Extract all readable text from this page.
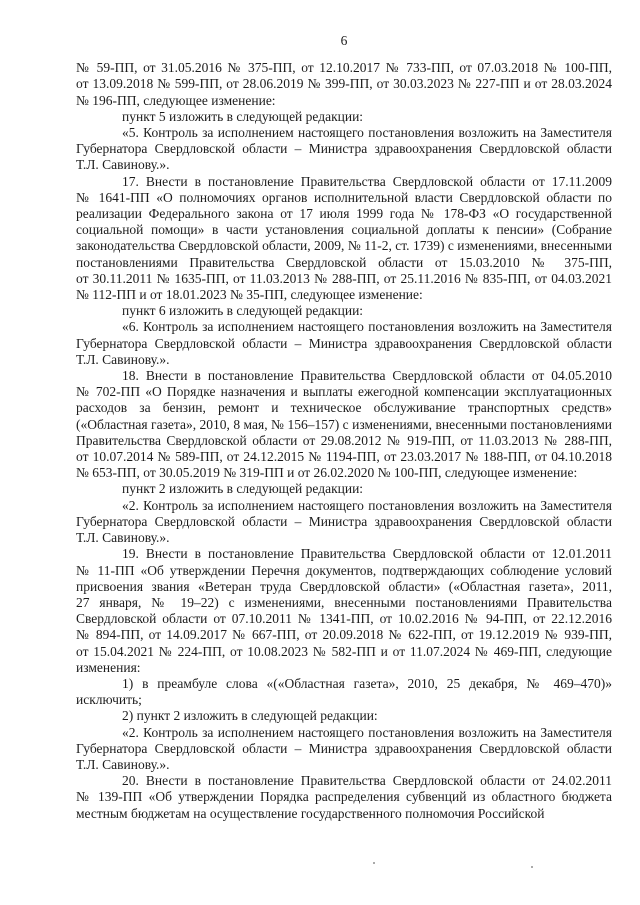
6

№ 59-ПП, от 31.05.2016 № 375-ПП, от 12.10.2017 № 733-ПП, от 07.03.2018 № 100-ПП, от 13.09.2018 № 599-ПП, от 28.06.2019 № 399-ПП, от 30.03.2023 № 227-ПП и от 28.03.2024 № 196-ПП, следующее изменение:

пункт 5 изложить в следующей редакции:

«5. Контроль за исполнением настоящего постановления возложить на Заместителя Губернатора Свердловской области – Министра здравоохранения Свердловской области Т.Л. Савинову.».

17. Внести в постановление Правительства Свердловской области от 17.11.2009 № 1641-ПП «О полномочиях органов исполнительной власти Свердловской области по реализации Федерального закона от 17 июля 1999 года № 178-ФЗ «О государственной социальной помощи» в части установления социальной доплаты к пенсии» (Собрание законодательства Свердловской области, 2009, № 11-2, ст. 1739) с изменениями, внесенными постановлениями Правительства Свердловской области от 15.03.2010 № 375-ПП, от 30.11.2011 № 1635-ПП, от 11.03.2013 № 288-ПП, от 25.11.2016 № 835-ПП, от 04.03.2021 № 112-ПП и от 18.01.2023 № 35-ПП, следующее изменение:

пункт 6 изложить в следующей редакции:

«6. Контроль за исполнением настоящего постановления возложить на Заместителя Губернатора Свердловской области – Министра здравоохранения Свердловской области Т.Л. Савинову.».

18. Внести в постановление Правительства Свердловской области от 04.05.2010 № 702-ПП «О Порядке назначения и выплаты ежегодной компенсации эксплуатационных расходов за бензин, ремонт и техническое обслуживание транспортных средств» («Областная газета», 2010, 8 мая, № 156–157) с изменениями, внесенными постановлениями Правительства Свердловской области от 29.08.2012 № 919-ПП, от 11.03.2013 № 288-ПП, от 10.07.2014 № 589-ПП, от 24.12.2015 № 1194-ПП, от 23.03.2017 № 188-ПП, от 04.10.2018 № 653-ПП, от 30.05.2019 № 319-ПП и от 26.02.2020 № 100-ПП, следующее изменение:

пункт 2 изложить в следующей редакции:

«2. Контроль за исполнением настоящего постановления возложить на Заместителя Губернатора Свердловской области – Министра здравоохранения Свердловской области Т.Л. Савинову.».

19. Внести в постановление Правительства Свердловской области от 12.01.2011 № 11-ПП «Об утверждении Перечня документов, подтверждающих соблюдение условий присвоения звания «Ветеран труда Свердловской области» («Областная газета», 2011, 27 января, № 19–22) с изменениями, внесенными постановлениями Правительства Свердловской области от 07.10.2011 № 1341-ПП, от 10.02.2016 № 94-ПП, от 22.12.2016 № 894-ПП, от 14.09.2017 № 667-ПП, от 20.09.2018 № 622-ПП, от 19.12.2019 № 939-ПП, от 15.04.2021 № 224-ПП, от 10.08.2023 № 582-ПП и от 11.07.2024 № 469-ПП, следующие изменения:

1) в преамбуле слова «(«Областная газета», 2010, 25 декабря, № 469–470)» исключить;

2) пункт 2 изложить в следующей редакции:

«2. Контроль за исполнением настоящего постановления возложить на Заместителя Губернатора Свердловской области – Министра здравоохранения Свердловской области Т.Л. Савинову.».

20. Внести в постановление Правительства Свердловской области от 24.02.2011 № 139-ПП «Об утверждении Порядка распределения субвенций из областного бюджета местным бюджетам на осуществление государственного полномочия Российской
